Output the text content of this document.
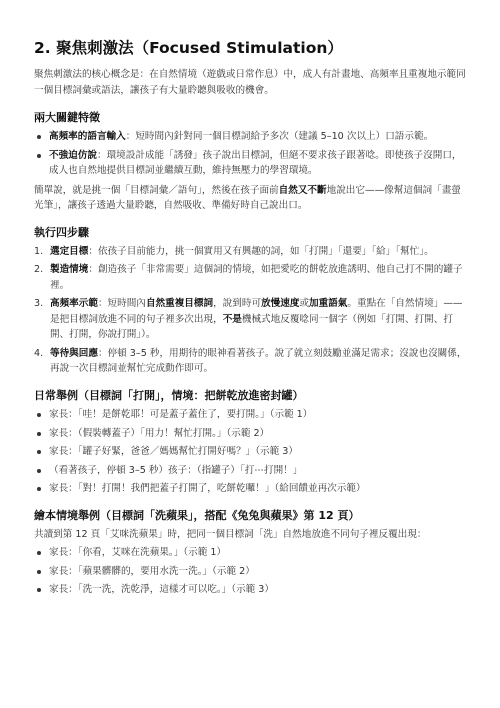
2. 聚焦刺激法（Focused Stimulation）

聚焦刺激法的核心概念是：在自然情境（遊戲或日常作息）中，成人有計畫地、高頻率且重複地示範同一個目標詞彙或語法，讓孩子有大量聆聽與吸收的機會。

兩大關鍵特徵
高頻率的語言輸入：短時間內針對同一個目標詞給予多次（建議 5–10 次以上）口語示範。
不強迫仿說：環境設計成能「誘發」孩子說出目標詞，但絕不要求孩子跟著唸。即使孩子沒開口，成人也自然地提供目標詞並繼續互動，維持無壓力的學習環境。

簡單說，就是挑一個「目標詞彙／語句」，然後在孩子面前自然又不斷地說出它——像幫這個詞「畫螢光筆」，讓孩子透過大量聆聽，自然吸收、準備好時自己說出口。

執行四步驟
1. 選定目標：依孩子目前能力，挑一個實用又有興趣的詞，如「打開」「還要」「給」「幫忙」。
2. 製造情境：創造孩子「非常需要」這個詞的情境，如把愛吃的餅乾放進誘明、他自己打不開的罐子裡。
3. 高頻率示範：短時間內自然重複目標詞，說到時可放慢速度或加重語氣。重點在「自然情境」——是把目標詞放進不同的句子裡多次出現，不是機械式地反覆唸同一個字（例如「打開、打開、打開、打開，你說打開」）。
4. 等待與回應：停頓 3–5 秒，用期待的眼神看著孩子。說了就立刻鼓勵並滿足需求；沒說也沒關係，再說一次目標詞並幫忙完成動作即可。
日常舉例（目標詞「打開」，情境：把餅乾放進密封罐）
家長：「哇！是餅乾耶！可是蓋子蓋住了，要打開。」（示範 1）
家長：（假裝轉蓋子）「用力！幫忙打開。」（示範 2）
家長：「罐子好緊，爸爸／媽媽幫忙打開好嗎？」（示範 3）
（看著孩子，停頓 3–5 秒）孩子：（指罐子）「打⋯打開！」
家長：「對！打開！我們把蓋子打開了，吃餅乾囉！」（給回饋並再次示範）
繪本情境舉例（目標詞「洗蘋果」，搭配《兔兔與蘋果》第 12 頁）

共讀到第 12 頁「艾咪洗蘋果」時，把同一個目標詞「洗」自然地放進不同句子裡反覆出現：

家長：「你看，艾咪在洗蘋果。」（示範 1）
家長：「蘋果髒髒的，要用水洗一洗。」（示範 2）
家長：「洗一洗，洗乾淨，這樣才可以吃。」（示範 3）
